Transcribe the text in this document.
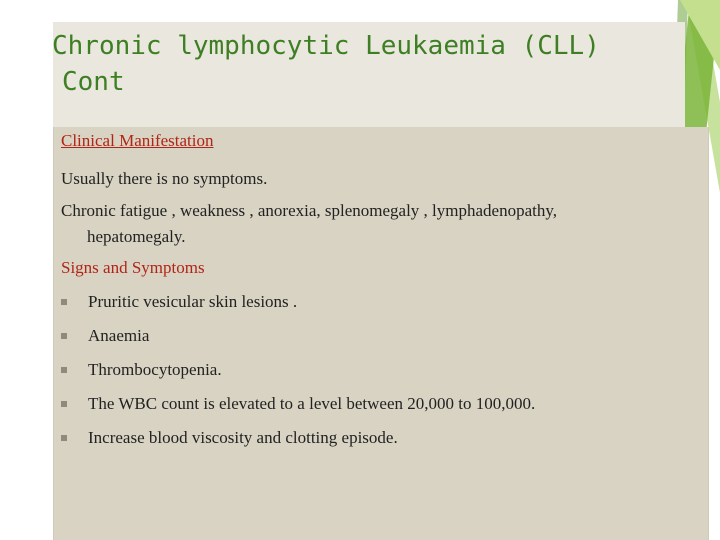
Chronic lymphocytic Leukaemia (CLL)
Cont

Clinical Manifestation

Usually there is no symptoms.

Chronic fatigue , weakness , anorexia, splenomegaly , lymphadenopathy,
hepatomegaly.

Signs and Symptoms

Pruritic vesicular skin lesions .
Anaemia
Thrombocytopenia.
The WBC count is elevated to a level between 20,000 to 100,000.
Increase blood viscosity and clotting episode.
